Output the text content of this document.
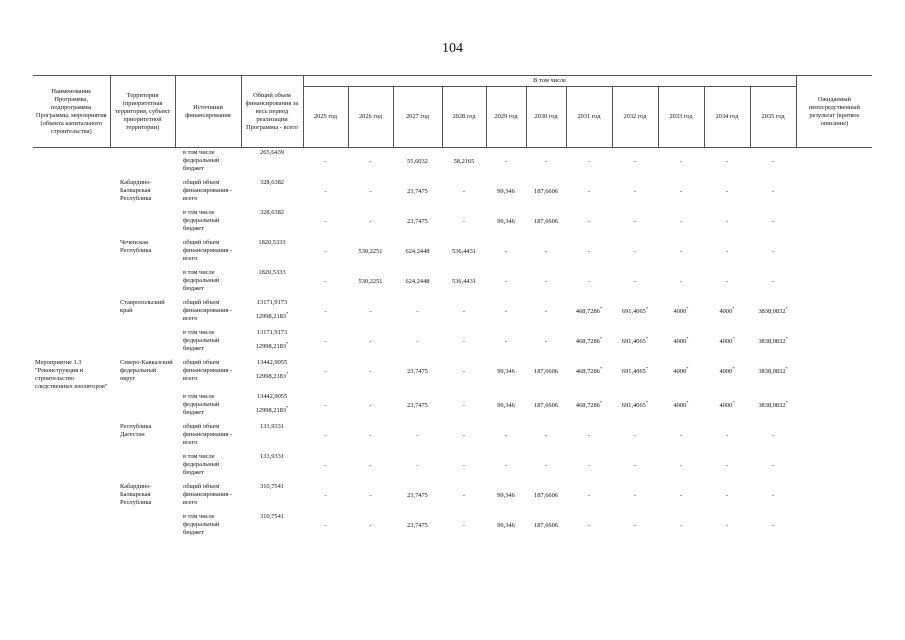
104
Наименование Программы, подпрограммы Программы, мероприятия (объекта капитального строительства)	Территория (приоритетная территория, субъект приоритетной территории)	Источники финансирования	Общий объем финансирования за весь период реализации Программы - всего	В том числе											Ожидаемый непосредственный результат (краткое описание)
				2025 год	2026 год	2027 год	2028 год	2029 год	2030 год	2031 год	2032 год	2033 год	2034 год	2035 год	
		в том числе федеральный бюджет	265,6439	-	-	55,6032	58,2165	-	-	-	-	-	-	-	
	Кабардино-Балкарская Республика	общий объем финансирования - всего	328,6382	-	-	23,7475	-	99,346	187,6606	-	-	-	-	-	
		в том числе федеральный бюджет	328,6382	-	-	23,7475	-	99,346	187,6606	-	-	-	-	-	
	Чеченская Республика	общий объем финансирования - всего	1820,5333	-	530,2251	624,2448	536,4431	-	-	-	-	-	-	-	
		в том числе федеральный бюджет	1820,5333	-	530,2251	624,2448	536,4431	-	-	-	-	-	-	-	
	Ставропольский край	общий объем финансирования - всего	13171,9173
12998,2183*	-	-	-	-	-	-	468,7286*	691,4065*	4000*	4000*	3838,0832*	
		в том числе федеральный бюджет	13171,9173
12998,2183*	-	-	-	-	-	-	468,7286*	691,4065*	4000*	4000*	3838,0832*	
Мероприятие 1.3 "Реконструкция и строительство следственных изоляторов"	Северо-Кавказский федеральный округ	общий объем финансирования - всего	13442,9055
12998,2183*	-	-	23,7475	-	99,346	187,6606	468,7286*	691,4065*	4000*	4000*	3838,0832*	
		в том числе федеральный бюджет	13442,9055
12998,2183*	-	-	23,7475	-	99,346	187,6606	468,7286*	691,4065*	4000*	4000*	3838,0832*	
	Республика Дагестан	общий объем финансирования - всего	133,9331	-	-	-	-	-	-	-	-	-	-	-	
		в том числе федеральный бюджет	133,9331	-	-	-	-	-	-	-	-	-	-	-	
	Кабардино-Балкарская Республика	общий объем финансирования - всего	310,7541	-	-	23,7475	-	99,346	187,6606	-	-	-	-	-	
		в том числе федеральный бюджет	310,7541	-	-	23,7475	-	99,346	187,6606	-	-	-	-	-	
